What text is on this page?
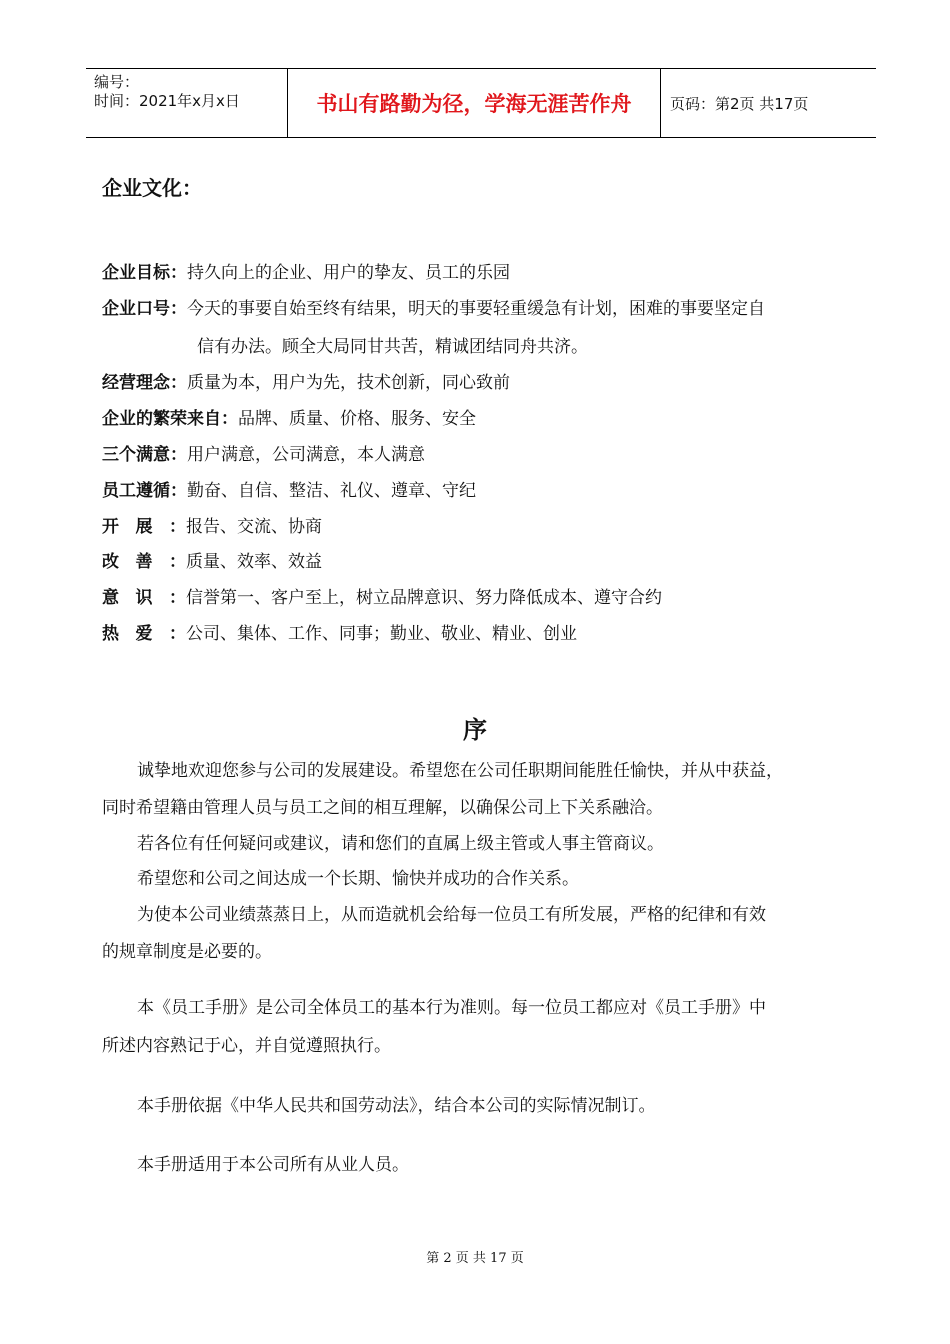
编号：
时间：2021年x月x日	书山有路勤为径，学海无涯苦作舟	页码：第2页 共17页
企业文化：
企业目标：持久向上的企业、用户的挚友、员工的乐园
企业口号：今天的事要自始至终有结果，明天的事要轻重缓急有计划，困难的事要坚定自
信有办法。顾全大局同甘共苦，精诚团结同舟共济。
经营理念：质量为本，用户为先，技术创新，同心致前
企业的繁荣来自：品牌、质量、价格、服务、安全
三个满意：用户满意，公司满意，本人满意
员工遵循：勤奋、自信、整洁、礼仪、遵章、守纪
开展：报告、交流、协商
改善：质量、效率、效益
意识：信誉第一、客户至上，树立品牌意识、努力降低成本、遵守合约
热爱：公司、集体、工作、同事；勤业、敬业、精业、创业
序
诚挚地欢迎您参与公司的发展建设。希望您在公司任职期间能胜任愉快，并从中获益，
同时希望籍由管理人员与员工之间的相互理解，以确保公司上下关系融洽。
若各位有任何疑问或建议，请和您们的直属上级主管或人事主管商议。
希望您和公司之间达成一个长期、愉快并成功的合作关系。
为使本公司业绩蒸蒸日上，从而造就机会给每一位员工有所发展，严格的纪律和有效
的规章制度是必要的。
本《员工手册》是公司全体员工的基本行为准则。每一位员工都应对《员工手册》中
所述内容熟记于心，并自觉遵照执行。
本手册依据《中华人民共和国劳动法》，结合本公司的实际情况制订。
本手册适用于本公司所有从业人员。
第 2 页 共 17 页
